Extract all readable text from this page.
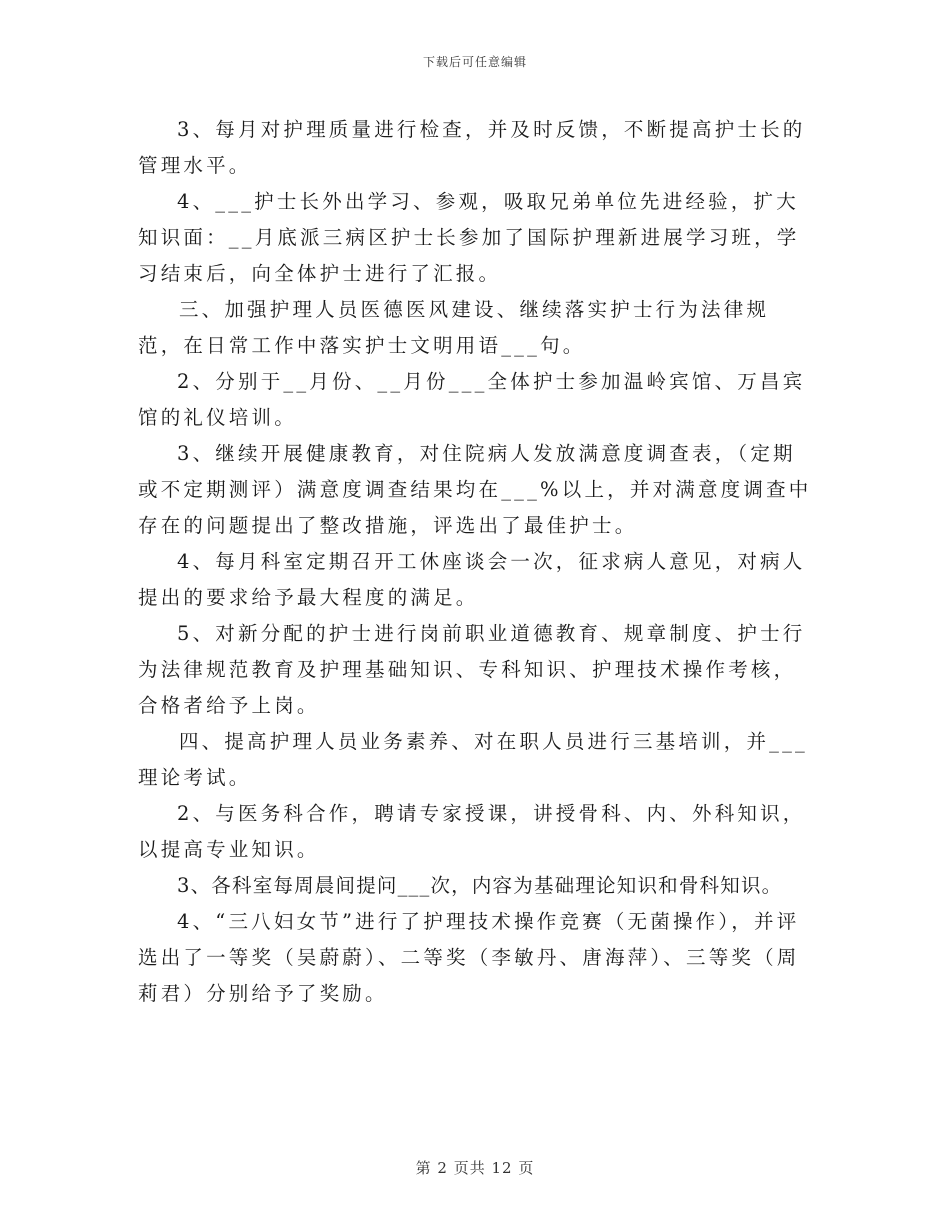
下载后可任意编辑

3、每月对护理质量进行检查，并及时反馈，不断提高护士长的管理水平。

4、___护士长外出学习、参观，吸取兄弟单位先进经验，扩大知识面：__月底派三病区护士长参加了国际护理新进展学习班，学习结束后，向全体护士进行了汇报。

三、加强护理人员医德医风建设、继续落实护士行为法律规范，在日常工作中落实护士文明用语___句。

2、分别于__月份、__月份___全体护士参加温岭宾馆、万昌宾馆的礼仪培训。

3、继续开展健康教育，对住院病人发放满意度调查表，（定期或不定期测评）满意度调查结果均在___%以上，并对满意度调查中存在的问题提出了整改措施，评选出了最佳护士。

4、每月科室定期召开工休座谈会一次，征求病人意见，对病人提出的要求给予最大程度的满足。

5、对新分配的护士进行岗前职业道德教育、规章制度、护士行为法律规范教育及护理基础知识、专科知识、护理技术操作考核，合格者给予上岗。

四、提高护理人员业务素养、对在职人员进行三基培训，并___理论考试。

2、与医务科合作，聘请专家授课，讲授骨科、内、外科知识，以提高专业知识。

3、各科室每周晨间提问___次，内容为基础理论知识和骨科知识。

4、“三八妇女节”进行了护理技术操作竞赛（无菌操作），并评选出了一等奖（吴蔚蔚）、二等奖（李敏丹、唐海萍）、三等奖（周莉君）分别给予了奖励。

第 2 页共 12 页
